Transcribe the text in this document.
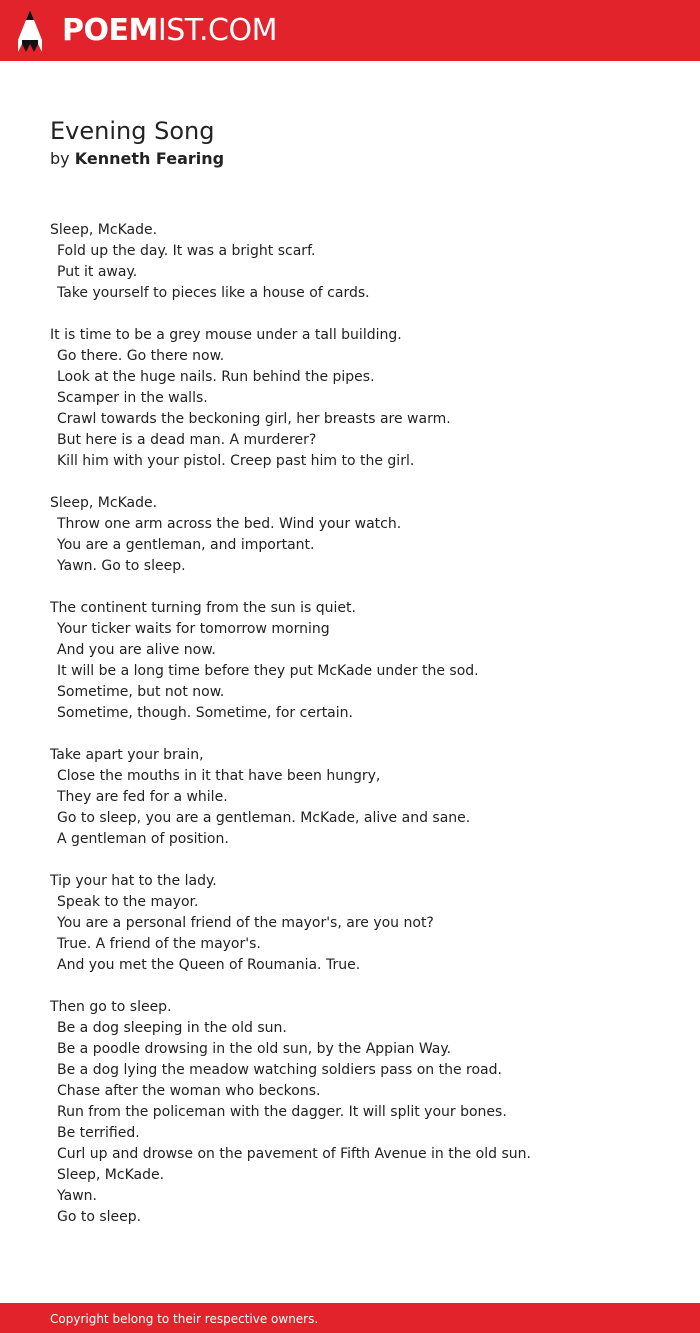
POEMIST.COM
Evening Song
by Kenneth Fearing
Sleep, McKade.
Fold up the day. It was a bright scarf.
Put it away.
Take yourself to pieces like a house of cards.
It is time to be a grey mouse under a tall building.
Go there. Go there now.
Look at the huge nails. Run behind the pipes.
Scamper in the walls.
Crawl towards the beckoning girl, her breasts are warm.
But here is a dead man. A murderer?
Kill him with your pistol. Creep past him to the girl.
Sleep, McKade.
Throw one arm across the bed. Wind your watch.
You are a gentleman, and important.
Yawn. Go to sleep.
The continent turning from the sun is quiet.
Your ticker waits for tomorrow morning
And you are alive now.
It will be a long time before they put McKade under the sod.
Sometime, but not now.
Sometime, though. Sometime, for certain.
Take apart your brain,
Close the mouths in it that have been hungry,
They are fed for a while.
Go to sleep, you are a gentleman. McKade, alive and sane.
A gentleman of position.
Tip your hat to the lady.
Speak to the mayor.
You are a personal friend of the mayor's, are you not?
True. A friend of the mayor's.
And you met the Queen of Roumania. True.
Then go to sleep.
Be a dog sleeping in the old sun.
Be a poodle drowsing in the old sun, by the Appian Way.
Be a dog lying the meadow watching soldiers pass on the road.
Chase after the woman who beckons.
Run from the policeman with the dagger. It will split your bones.
Be terrified.
Curl up and drowse on the pavement of Fifth Avenue in the old sun.
Sleep, McKade.
Yawn.
Go to sleep.
Copyright belong to their respective owners.
